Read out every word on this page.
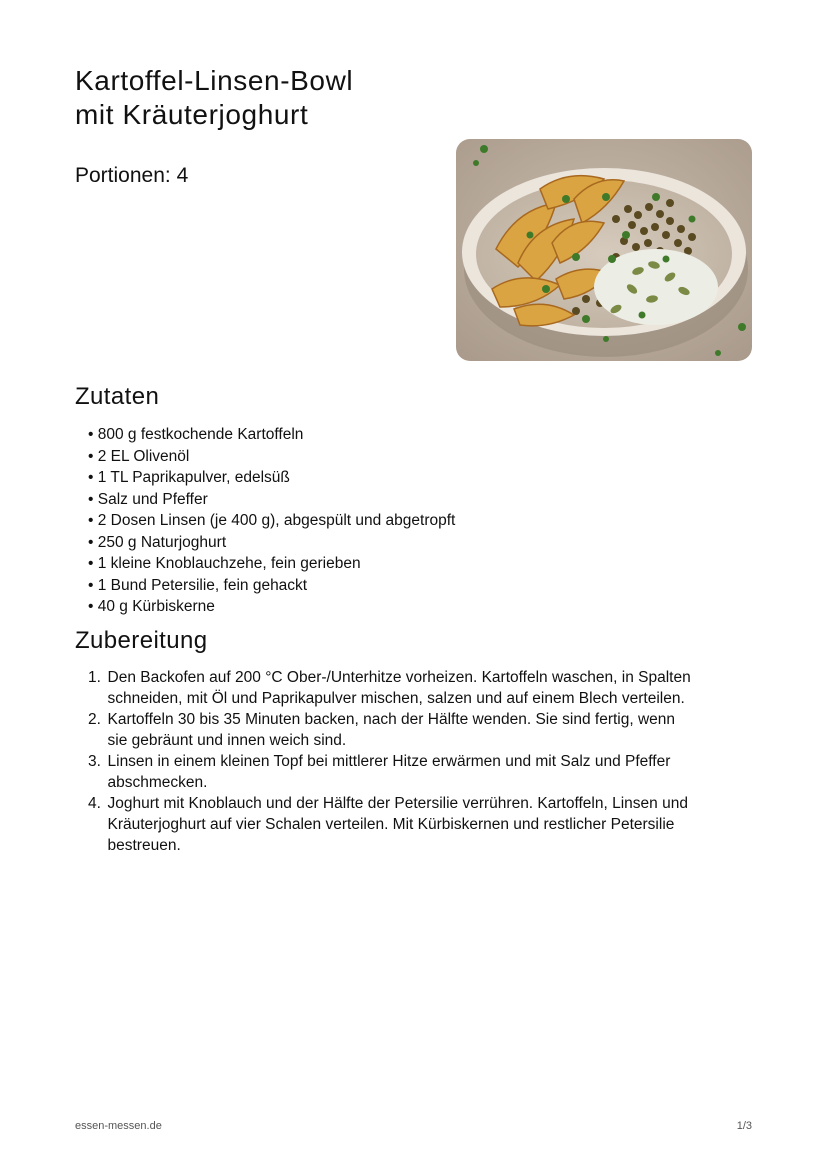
Kartoffel-Linsen-Bowl
mit Kräuterjoghurt

Portionen: 4

Zutaten
• 800 g festkochende Kartoffeln
• 2 EL Olivenöl
• 1 TL Paprikapulver, edelsüß
• Salz und Pfeffer
• 2 Dosen Linsen (je 400 g), abgespült und abgetropft
• 250 g Naturjoghurt
• 1 kleine Knoblauchzehe, fein gerieben
• 1 Bund Petersilie, fein gehackt
• 40 g Kürbiskerne
Zubereitung
1. Den Backofen auf 200 °C Ober-/Unterhitze vorheizen. Kartoffeln waschen, in Spalten
schneiden, mit Öl und Paprikapulver mischen, salzen und auf einem Blech verteilen.
2. Kartoffeln 30 bis 35 Minuten backen, nach der Hälfte wenden. Sie sind fertig, wenn
sie gebräunt und innen weich sind.
3. Linsen in einem kleinen Topf bei mittlerer Hitze erwärmen und mit Salz und Pfeffer
abschmecken.
4. Joghurt mit Knoblauch und der Hälfte der Petersilie verrühren. Kartoffeln, Linsen und
Kräuterjoghurt auf vier Schalen verteilen. Mit Kürbiskernen und restlicher Petersilie
bestreuen.
essen-messen.de	1/3
